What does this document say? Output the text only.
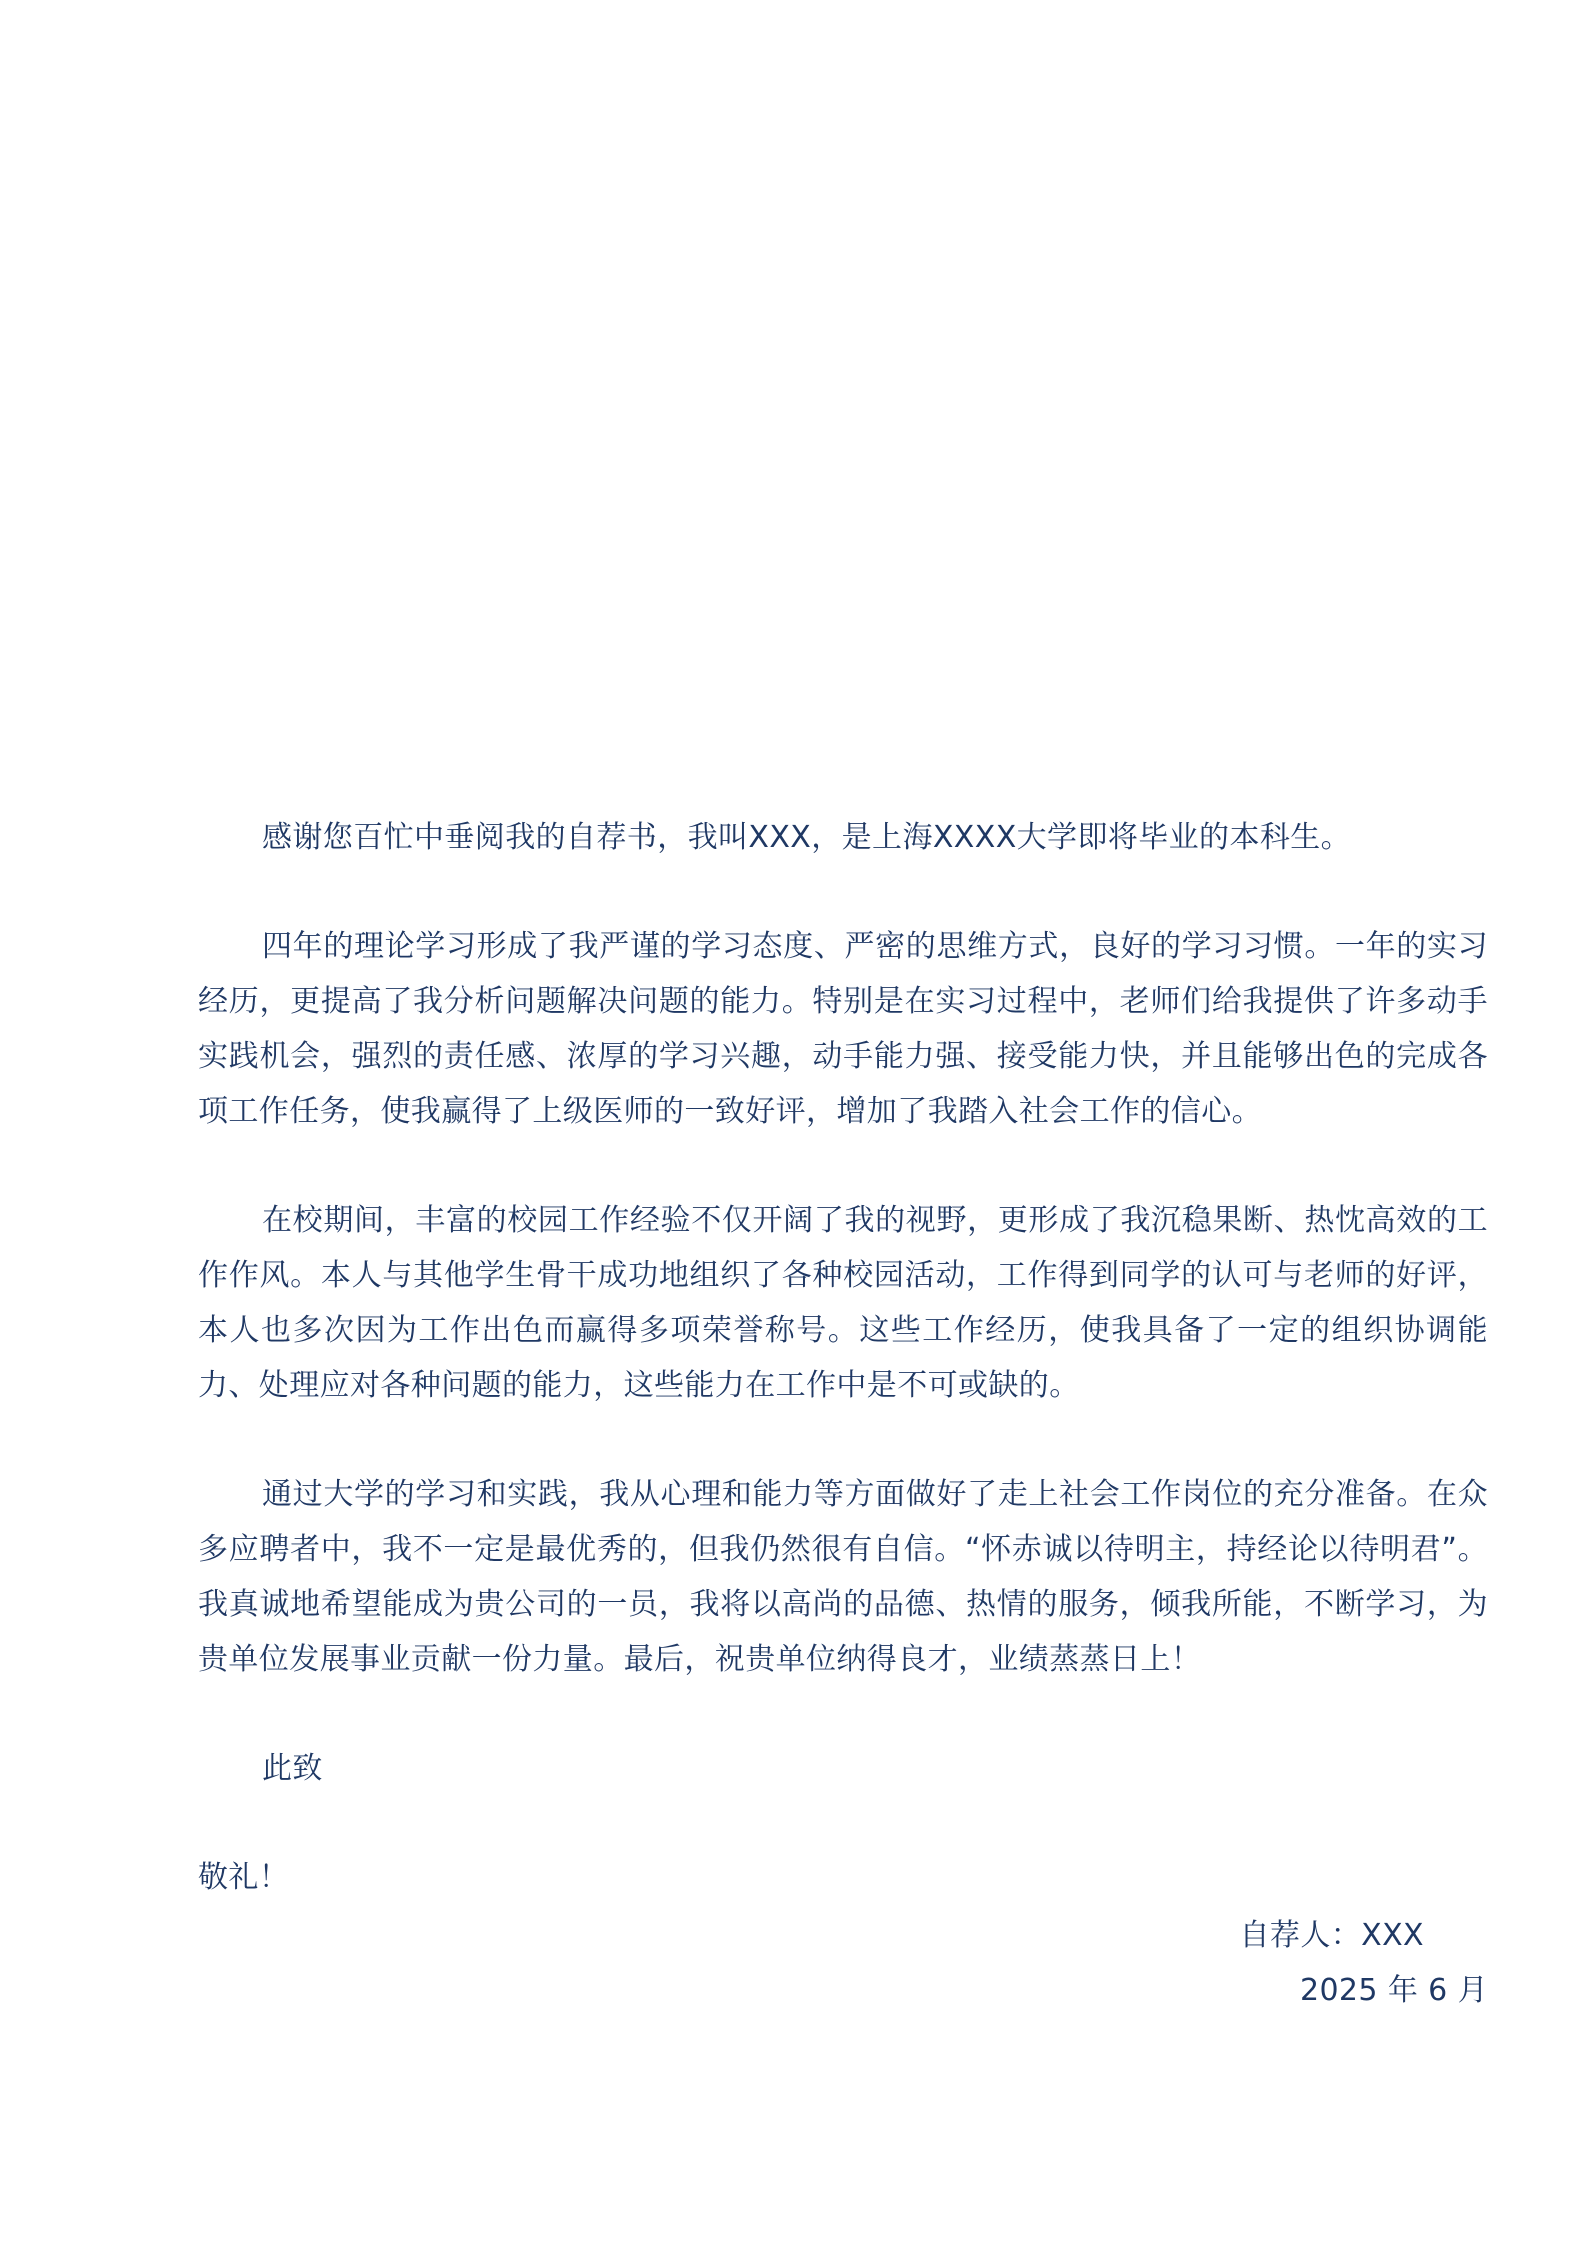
感谢您百忙中垂阅我的自荐书，我叫XXX，是上海XXXX大学即将毕业的本科生。

四年的理论学习形成了我严谨的学习态度、严密的思维方式，良好的学习习惯。一年的实习经历，更提高了我分析问题解决问题的能力。特别是在实习过程中，老师们给我提供了许多动手实践机会，强烈的责任感、浓厚的学习兴趣，动手能力强、接受能力快，并且能够出色的完成各项工作任务，使我赢得了上级医师的一致好评，增加了我踏入社会工作的信心。

在校期间，丰富的校园工作经验不仅开阔了我的视野，更形成了我沉稳果断、热忱高效的工作作风。本人与其他学生骨干成功地组织了各种校园活动，工作得到同学的认可与老师的好评，本人也多次因为工作出色而赢得多项荣誉称号。这些工作经历，使我具备了一定的组织协调能力、处理应对各种问题的能力，这些能力在工作中是不可或缺的。

通过大学的学习和实践，我从心理和能力等方面做好了走上社会工作岗位的充分准备。在众多应聘者中，我不一定是最优秀的，但我仍然很有自信。“怀赤诚以待明主，持经论以待明君”。我真诚地希望能成为贵公司的一员，我将以高尚的品德、热情的服务，倾我所能，不断学习，为贵单位发展事业贡献一份力量。最后，祝贵单位纳得良才，业绩蒸蒸日上！

此致

敬礼！

自荐人：XXX
2025 年 6 月
